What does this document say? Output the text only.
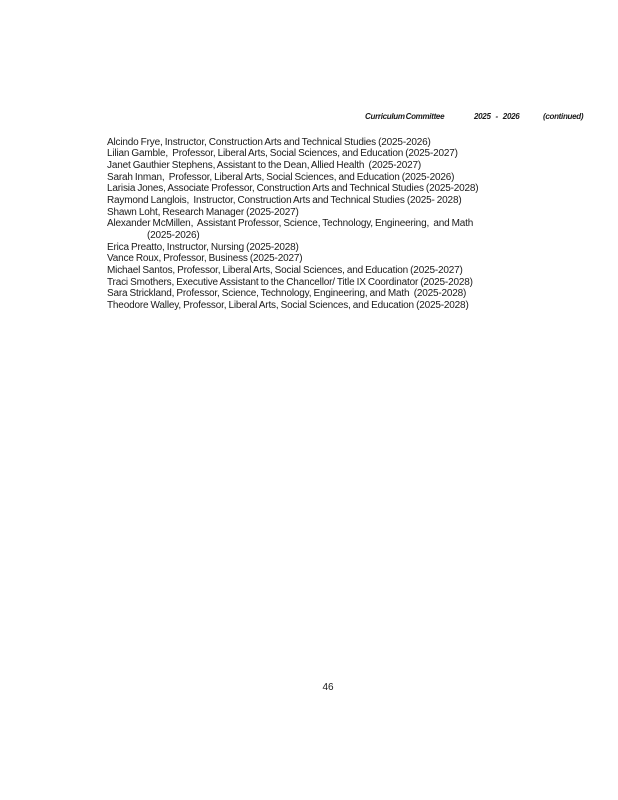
Curriculum Committee	2025 - 2026	(continued)
Alcindo Frye, Instructor, Construction Arts and Technical Studies (2025-2026)
Lilian Gamble,  Professor, Liberal Arts, Social Sciences, and Education (2025-2027)
Janet Gauthier Stephens, Assistant to the Dean, Allied Health  (2025-2027)
Sarah Inman,  Professor, Liberal Arts, Social Sciences, and Education (2025-2026)
Larisia Jones, Associate Professor, Construction Arts and Technical Studies (2025-2028)
Raymond Langlois,  Instructor, Construction Arts and Technical Studies (2025- 2028)
Shawn Loht, Research Manager (2025-2027)
Alexander McMillen,  Assistant Professor, Science, Technology, Engineering,  and Math
(2025-2026)
Erica Preatto, Instructor, Nursing (2025-2028)
Vance Roux, Professor, Business (2025-2027)
Michael Santos, Professor, Liberal Arts, Social Sciences, and Education (2025-2027)
Traci Smothers, Executive Assistant to the Chancellor/ Title IX Coordinator (2025-2028)
Sara Strickland, Professor, Science, Technology, Engineering, and Math  (2025-2028)
Theodore Walley, Professor, Liberal Arts, Social Sciences, and Education (2025-2028)
46
